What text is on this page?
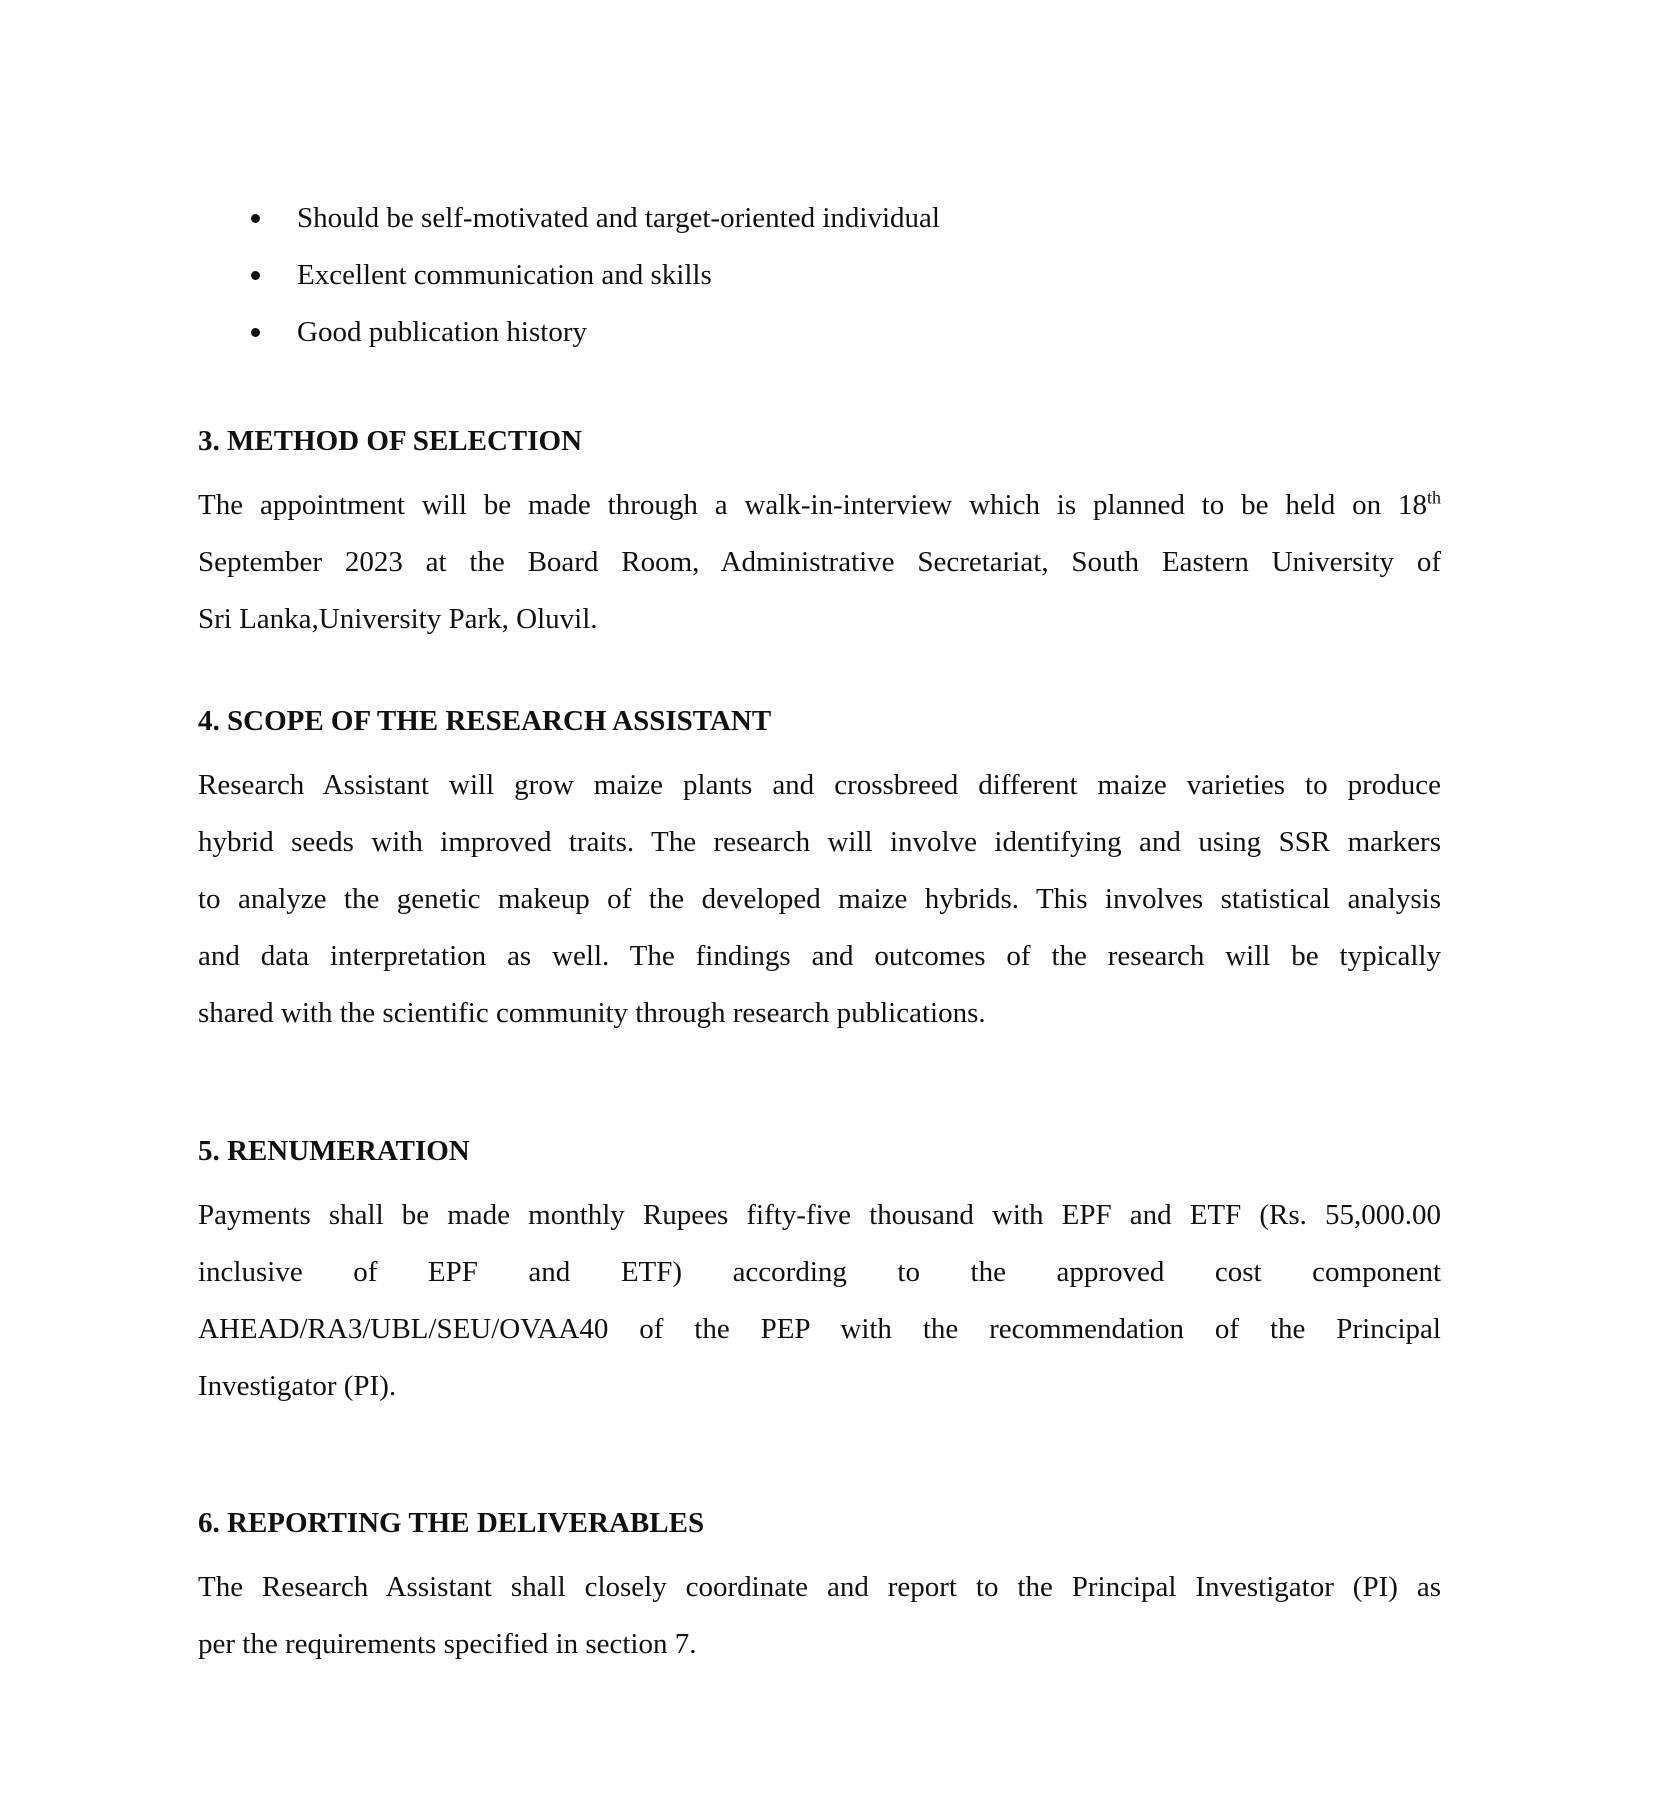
Should be self-motivated and target-oriented individual
Excellent communication and skills
Good publication history
3. METHOD OF SELECTION
The appointment will be made through a walk-in-interview which is planned to be held on 18th
September 2023 at the Board Room, Administrative Secretariat, South Eastern University of
Sri Lanka,University Park, Oluvil.
4. SCOPE OF THE RESEARCH ASSISTANT
Research Assistant will grow maize plants and crossbreed different maize varieties to produce
hybrid seeds with improved traits. The research will involve identifying and using SSR markers
to analyze the genetic makeup of the developed maize hybrids. This involves statistical analysis
and data interpretation as well. The findings and outcomes of the research will be typically
shared with the scientific community through research publications.
5. RENUMERATION
Payments shall be made monthly Rupees fifty-five thousand with EPF and ETF (Rs. 55,000.00
inclusive of EPF and ETF) according to the approved cost component
AHEAD/RA3/UBL/SEU/OVAA40 of the PEP with the recommendation of the Principal
Investigator (PI).
6. REPORTING THE DELIVERABLES
The Research Assistant shall closely coordinate and report to the Principal Investigator (PI) as
per the requirements specified in section 7.
